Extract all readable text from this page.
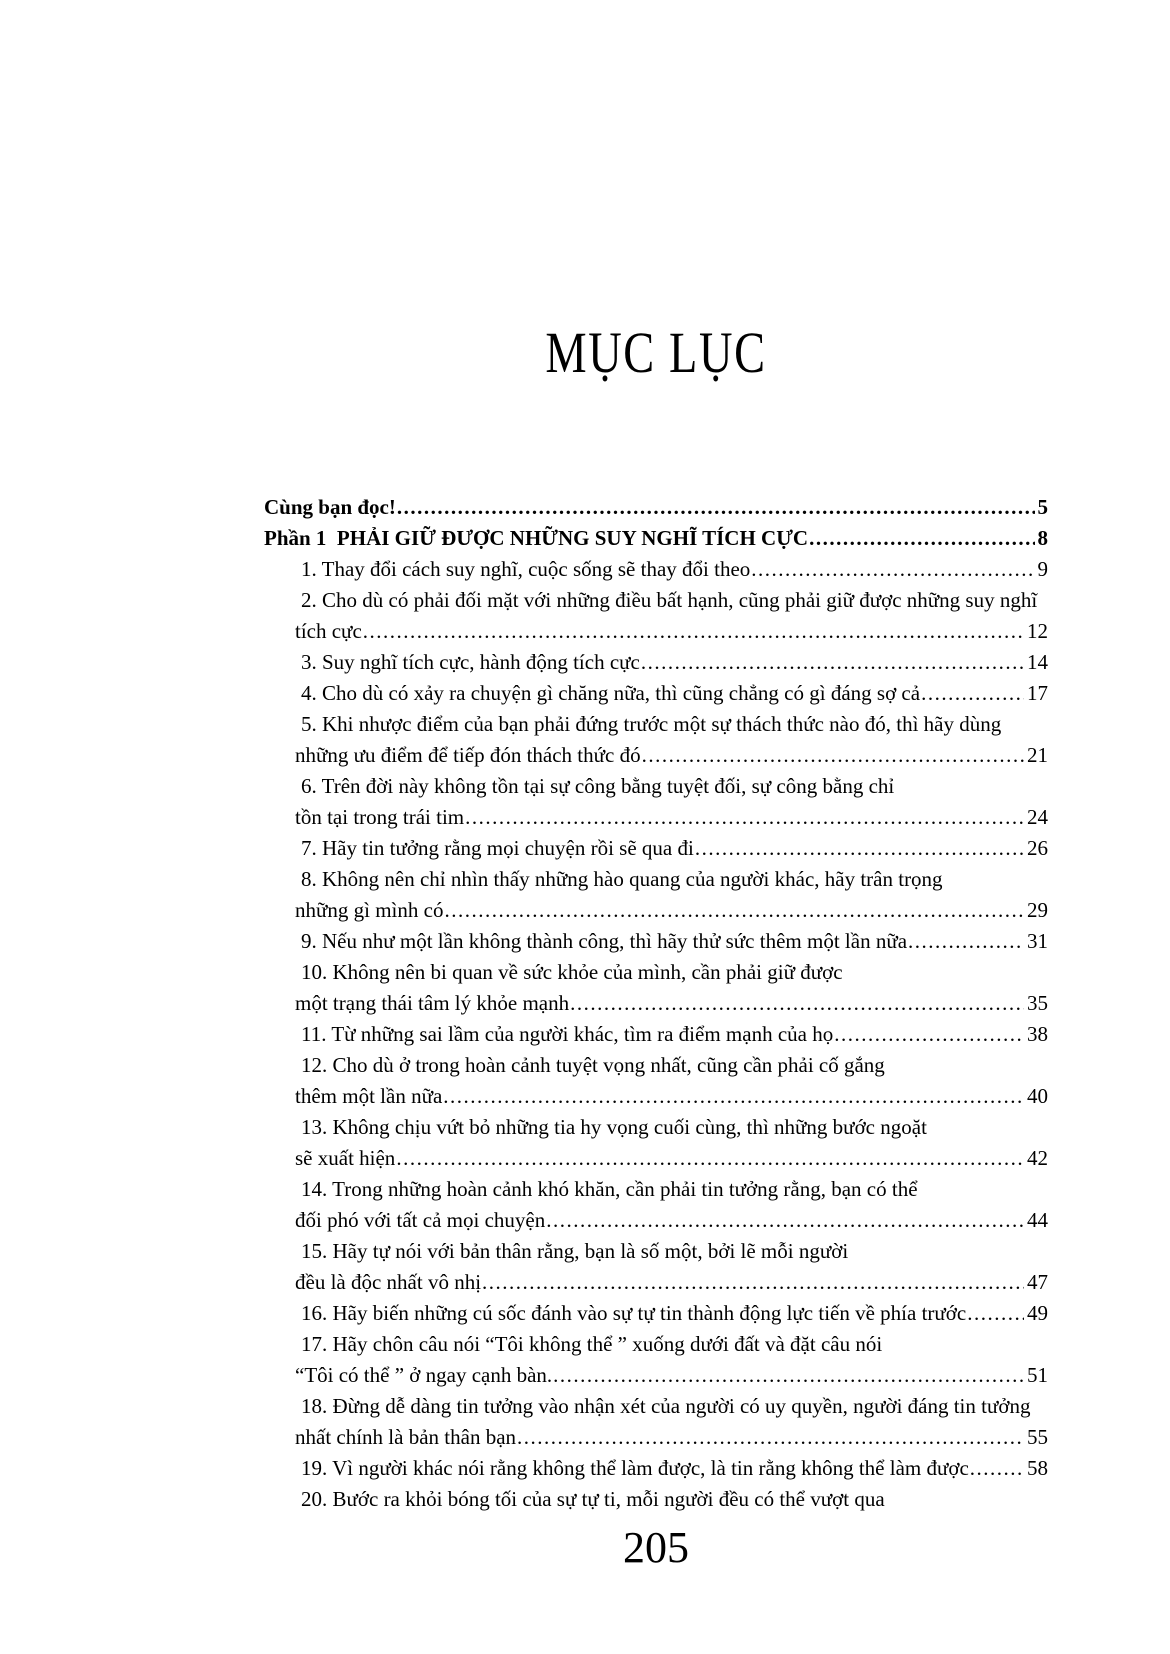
MỤC LỤC
Cùng bạn đọc! .....	5
Phần 1  PHẢI GIỮ ĐƯỢC NHỮNG SUY NGHĨ TÍCH CỰC .....	8
1. Thay đổi cách suy nghĩ, cuộc sống sẽ thay đổi theo .....	9
2. Cho dù có phải đối mặt với những điều bất hạnh, cũng phải giữ được những suy nghĩ
tích cực .....	12
3. Suy nghĩ tích cực, hành động tích cực .....	14
4. Cho dù có xảy ra chuyện gì chăng nữa, thì cũng chẳng có gì đáng sợ cả .....	17
5. Khi nhược điểm của bạn phải đứng trước một sự thách thức nào đó, thì hãy dùng
những ưu điểm để tiếp đón thách thức đó .....	21
6. Trên đời này không tồn tại sự công bằng tuyệt đối, sự công bằng chỉ
tồn tại trong trái tim .....	24
7. Hãy tin tưởng rằng mọi chuyện rồi sẽ qua đi .....	26
8. Không nên chỉ nhìn thấy những hào quang của người khác, hãy trân trọng
những gì mình có .....	29
9. Nếu như một lần không thành công, thì hãy thử sức thêm một lần nữa .....	31
10. Không nên bi quan về sức khỏe của mình, cần phải giữ được
một trạng thái tâm lý khỏe mạnh .....	35
11. Từ những sai lầm của người khác, tìm ra điểm mạnh của họ .....	38
12. Cho dù ở trong hoàn cảnh tuyệt vọng nhất, cũng cần phải cố gắng
thêm một lần nữa .....	40
13. Không chịu vứt bỏ những tia hy vọng cuối cùng, thì những bước ngoặt
sẽ xuất hiện .....	42
14. Trong những hoàn cảnh khó khăn, cần phải tin tưởng rằng, bạn có thể
đối phó với tất cả mọi chuyện .....	44
15. Hãy tự nói với bản thân rằng, bạn là số một, bởi lẽ mỗi người
đều là độc nhất vô nhị .....	47
16. Hãy biến những cú sốc đánh vào sự tự tin thành động lực tiến về phía trước .....	49
17. Hãy chôn câu nói “Tôi không thể ” xuống dưới đất và đặt câu nói
“Tôi có thể ” ở ngay cạnh bàn. .....	51
18. Đừng dễ dàng tin tưởng vào nhận xét của người có uy quyền, người đáng tin tưởng
nhất chính là bản thân bạn .....	55
19. Vì người khác nói rằng không thể làm được, là tin rằng không thể làm được .....	58
20. Bước ra khỏi bóng tối của sự tự ti, mỗi người đều có thể vượt qua
205
